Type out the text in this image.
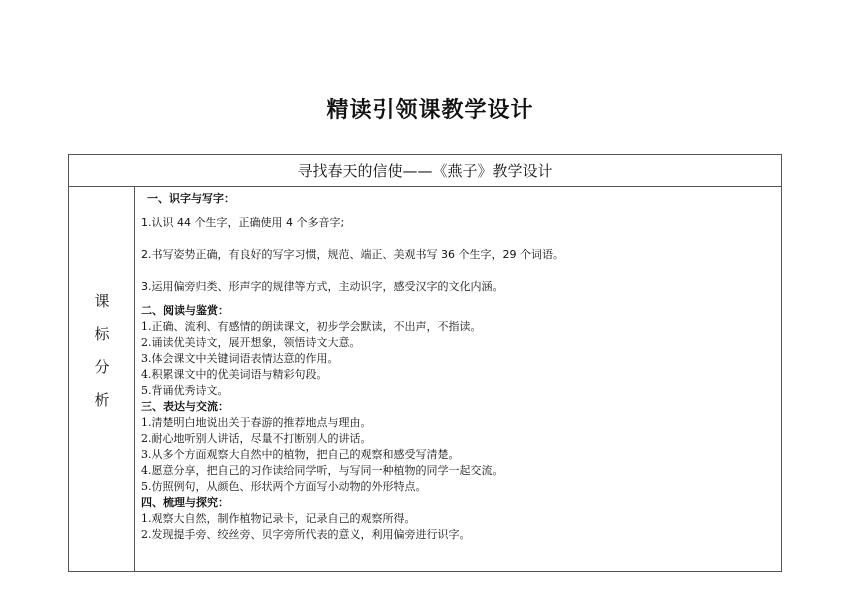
精读引领课教学设计
寻找春天的信使——《燕子》教学设计
课
标
分
析
一、识字与写字：
1.认识 44 个生字，正确使用 4 个多音字;
2.书写姿势正确，有良好的写字习惯，规范、端正、美观书写 36 个生字，29 个词语。
3.运用偏旁归类、形声字的规律等方式，主动识字，感受汉字的文化内涵。
二、阅读与鉴赏：
1.正确、流利、有感情的朗读课文，初步学会默读，不出声，不指读。
2.诵读优美诗文，展开想象，领悟诗文大意。
3.体会课文中关键词语表情达意的作用。
4.积累课文中的优美词语与精彩句段。
5.背诵优秀诗文。
三、表达与交流：
1.清楚明白地说出关于春游的推荐地点与理由。
2.耐心地听别人讲话，尽量不打断别人的讲话。
3.从多个方面观察大自然中的植物，把自己的观察和感受写清楚。
4.愿意分享，把自己的习作读给同学听，与写同一种植物的同学一起交流。
5.仿照例句，从颜色、形状两个方面写小动物的外形特点。
四、梳理与探究：
1.观察大自然，制作植物记录卡，记录自己的观察所得。
2.发现提手旁、绞丝旁、贝字旁所代表的意义，利用偏旁进行识字。
